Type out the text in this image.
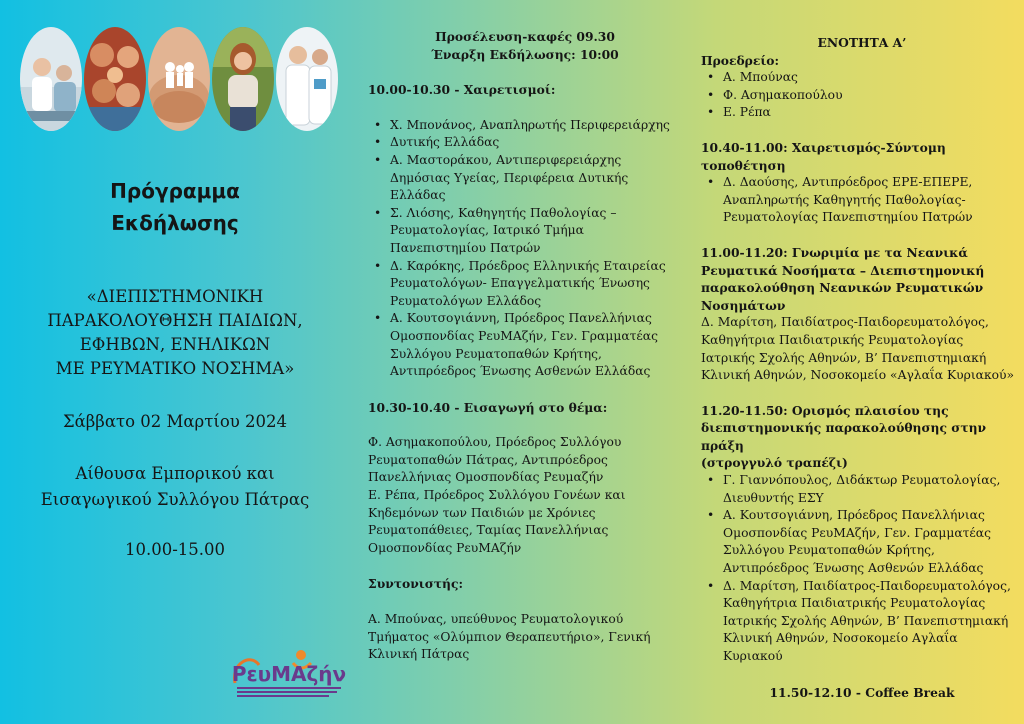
Πρόγραμμα
Εκδήλωσης

«ΔΙΕΠΙΣΤΗΜΟΝΙΚΗ
ΠΑΡΑΚΟΛΟΥΘΗΣΗ ΠΑΙΔΙΩΝ,
ΕΦΗΒΩΝ, ΕΝΗΛΙΚΩΝ
ΜΕ ΡΕΥΜΑΤΙΚΟ ΝΟΣΗΜΑ»

Σάββατο 02 Μαρτίου 2024

Αίθουσα Εμπορικού και
Εισαγωγικού Συλλόγου Πάτρας

10.00-15.00

ΡευΜΑζήν

Προσέλευση-καφές 09.30

Έναρξη Εκδήλωσης: 10:00

10.00-10.30 - Χαιρετισμοί:

• Χ. Μπονάνος, Αναπληρωτής Περιφερειάρχης
• Δυτικής Ελλάδας
• Α. Μαστοράκου, Αντιπεριφερειάρχης
Δημόσιας Υγείας, Περιφέρεια Δυτικής
Ελλάδας
• Σ. Λιόσης, Καθηγητής Παθολογίας –
Ρευματολογίας, Ιατρικό Τμήμα
Πανεπιστημίου Πατρών
• Δ. Καρόκης, Πρόεδρος Ελληνικής Εταιρείας
Ρευματολόγων- Επαγγελματικής Ένωσης
Ρευματολόγων Ελλάδος
• Α. Κουτσογιάννη, Πρόεδρος Πανελλήνιας
Ομοσπονδίας ΡευΜΑζήν, Γεν. Γραμματέας
Συλλόγου Ρευματοπαθών Κρήτης,
Αντιπρόεδρος Ένωσης Ασθενών Ελλάδας

10.30-10.40 - Εισαγωγή στο θέμα:

Φ. Ασημακοπούλου, Πρόεδρος Συλλόγου

Ρευματοπαθών Πάτρας, Αντιπρόεδρος

Πανελλήνιας Ομοσπονδίας Ρευμαζήν

Ε. Ρέπα, Πρόεδρος Συλλόγου Γονέων και

Κηδεμόνων των Παιδιών με Χρόνιες

Ρευματοπάθειες, Ταμίας Πανελλήνιας

Ομοσπονδίας ΡευΜΑζήν

Συντονιστής:

Α. Μπούνας, υπεύθυνος Ρευματολογικού

Τμήματος «Ολύμπιον Θεραπευτήριο», Γενική

Κλινική Πάτρας

ΕΝΟΤΗΤΑ Α’

Προεδρείο:

• Α. Μπούνας
• Φ. Ασημακοπούλου
• Ε. Ρέπα

10.40-11.00: Χαιρετισμός-Σύντομη τοποθέτηση

• Δ. Δαούσης, Αντιπρόεδρος ΕΡΕ-ΕΠΕΡΕ,
Αναπληρωτής Καθηγητής Παθολογίας-
Ρευματολογίας Πανεπιστημίου Πατρών

11.00-11.20: Γνωριμία με τα Νεανικά

Ρευματικά Νοσήματα – Διεπιστημονική

παρακολούθηση Νεανικών Ρευματικών

Νοσημάτων

Δ. Μαρίτση, Παιδίατρος-Παιδορευματολόγος,

Καθηγήτρια Παιδιατρικής Ρευματολογίας

Ιατρικής Σχολής Αθηνών, Β’ Πανεπιστημιακή

Κλινική Αθηνών, Νοσοκομείο «Αγλαΐα Κυριακού»

11.20-11.50: Ορισμός πλαισίου της

διεπιστημονικής παρακολούθησης στην πράξη

(στρογγυλό τραπέζι)

• Γ. Γιαννόπουλος, Διδάκτωρ Ρευματολογίας,
Διευθυντής ΕΣΥ
• Α. Κουτσογιάννη, Πρόεδρος Πανελλήνιας
Ομοσπονδίας ΡευΜΑζήν, Γεν. Γραμματέας
Συλλόγου Ρευματοπαθών Κρήτης,
Αντιπρόεδρος Ένωσης Ασθενών Ελλάδας
• Δ. Μαρίτση, Παιδίατρος-Παιδορευματολόγος,
Καθηγήτρια Παιδιατρικής Ρευματολογίας
Ιατρικής Σχολής Αθηνών, Β’ Πανεπιστημιακή
Κλινική Αθηνών, Νοσοκομείο Αγλαΐα
Κυριακού

11.50-12.10 - Coffee Break
